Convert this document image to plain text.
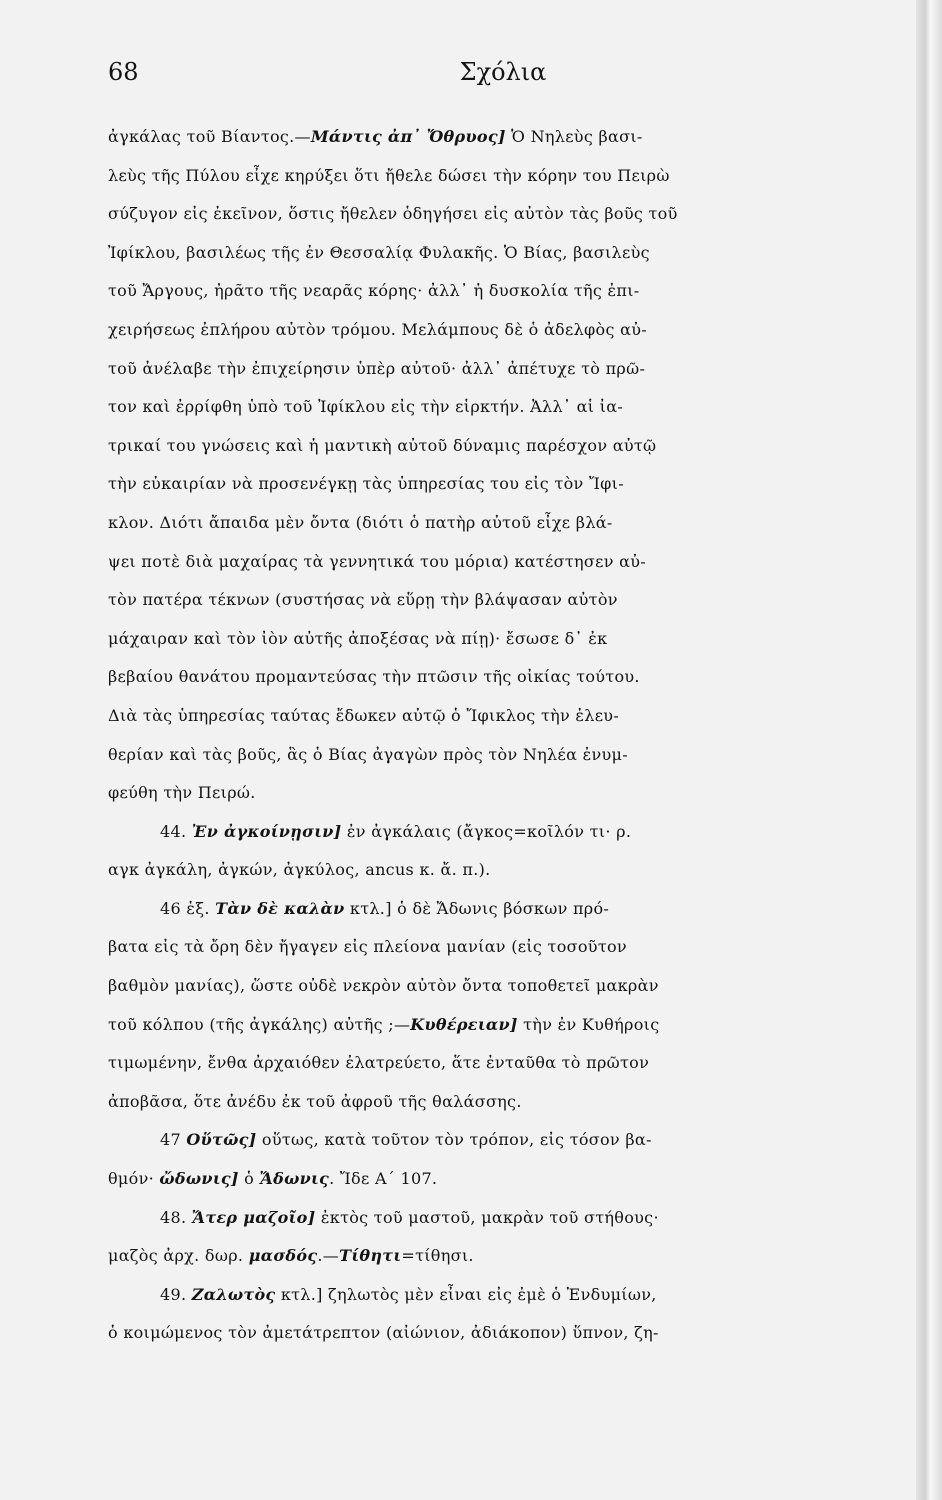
68	Σχόλια
ἀγκάλας τοῦ Βίαντος.—Μάντις ἀπ᾽ Ὄθρυος] Ὁ Νηλεὺς βασι-
λεὺς τῆς Πύλου εἶχε κηρύξει ὅτι ἤθελε δώσει τὴν κόρην του Πειρὼ
σύζυγον εἰς ἐκεῖνον, ὅστις ἤθελεν ὁδηγήσει εἰς αὐτὸν τὰς βοῦς τοῦ
Ἰφίκλου, βασιλέως τῆς ἐν Θεσσαλίᾳ Φυλακῆς. Ὁ Βίας, βασιλεὺς
τοῦ Ἄργους, ἠρᾶτο τῆς νεαρᾶς κόρης· ἀλλ᾽ ἡ δυσκολία τῆς ἐπι-
χειρήσεως ἐπλήρου αὐτὸν τρόμου. Μελάμπους δὲ ὁ ἀδελφὸς αὐ-
τοῦ ἀνέλαβε τὴν ἐπιχείρησιν ὑπὲρ αὐτοῦ· ἀλλ᾽ ἀπέτυχε τὸ πρῶ-
τον καὶ ἐρρίφθη ὑπὸ τοῦ Ἰφίκλου εἰς τὴν εἱρκτήν. Ἀλλ᾽ αἱ ἰα-
τρικαί του γνώσεις καὶ ἡ μαντικὴ αὐτοῦ δύναμις παρέσχον αὐτῷ
τὴν εὐκαιρίαν νὰ προσενέγκῃ τὰς ὑπηρεσίας του εἰς τὸν Ἴφι-
κλον. Διότι ἄπαιδα μὲν ὄντα (διότι ὁ πατὴρ αὐτοῦ εἶχε βλά-
ψει ποτὲ διὰ μαχαίρας τὰ γεννητικά του μόρια) κατέστησεν αὐ-
τὸν πατέρα τέκνων (συστήσας νὰ εὕρῃ τὴν βλάψασαν αὐτὸν
μάχαιραν καὶ τὸν ἰὸν αὐτῆς ἀποξέσας νὰ πίῃ)· ἔσωσε δ᾽ ἐκ
βεβαίου θανάτου προμαντεύσας τὴν πτῶσιν τῆς οἰκίας τούτου.
Διὰ τὰς ὑπηρεσίας ταύτας ἔδωκεν αὐτῷ ὁ Ἴφικλος τὴν ἐλευ-
θερίαν καὶ τὰς βοῦς, ἃς ὁ Βίας ἀγαγὼν πρὸς τὸν Νηλέα ἐνυμ-
φεύθη τὴν Πειρώ.
44. Ἐν ἀγκοίνῃσιν] ἐν ἀγκάλαις (ἄγκος=κοῖλόν τι· ρ.
αγκ ἀγκάλη, ἀγκών, ἀγκύλος, ancus κ. ἄ. π.).
46 ἑξ. Τὰν δὲ καλὰν κτλ.] ὁ δὲ Ἄδωνις βόσκων πρό-
βατα εἰς τὰ ὄρη δὲν ἤγαγεν εἰς πλείονα μανίαν (εἰς τοσοῦτον
βαθμὸν μανίας), ὥστε οὐδὲ νεκρὸν αὐτὸν ὄντα τοποθετεῖ μακρὰν
τοῦ κόλπου (τῆς ἀγκάλης) αὐτῆς ;—Κυθέρειαν] τὴν ἐν Κυθήροις
τιμωμένην, ἔνθα ἀρχαιόθεν ἐλατρεύετο, ἅτε ἐνταῦθα τὸ πρῶτον
ἀποβᾶσα, ὅτε ἀνέδυ ἐκ τοῦ ἀφροῦ τῆς θαλάσσης.
47 Οὕτῶς] οὕτως, κατὰ τοῦτον τὸν τρόπον, εἰς τόσον βα-
θμόν· ὤδωνις] ὁ Ἄδωνις. Ἴδε Α΄ 107.
48. Ἄτερ μαζοῖο] ἐκτὸς τοῦ μαστοῦ, μακρὰν τοῦ στήθους·
μαζὸς ἀρχ. δωρ. μασδός.—Τίθητι=τίθησι.
49. Ζαλωτὸς κτλ.] ζηλωτὸς μὲν εἶναι εἰς ἐμὲ ὁ Ἐνδυμίων,
ὁ κοιμώμενος τὸν ἀμετάτρεπτον (αἰώνιον, ἀδιάκοπον) ὕπνον, ζη-
